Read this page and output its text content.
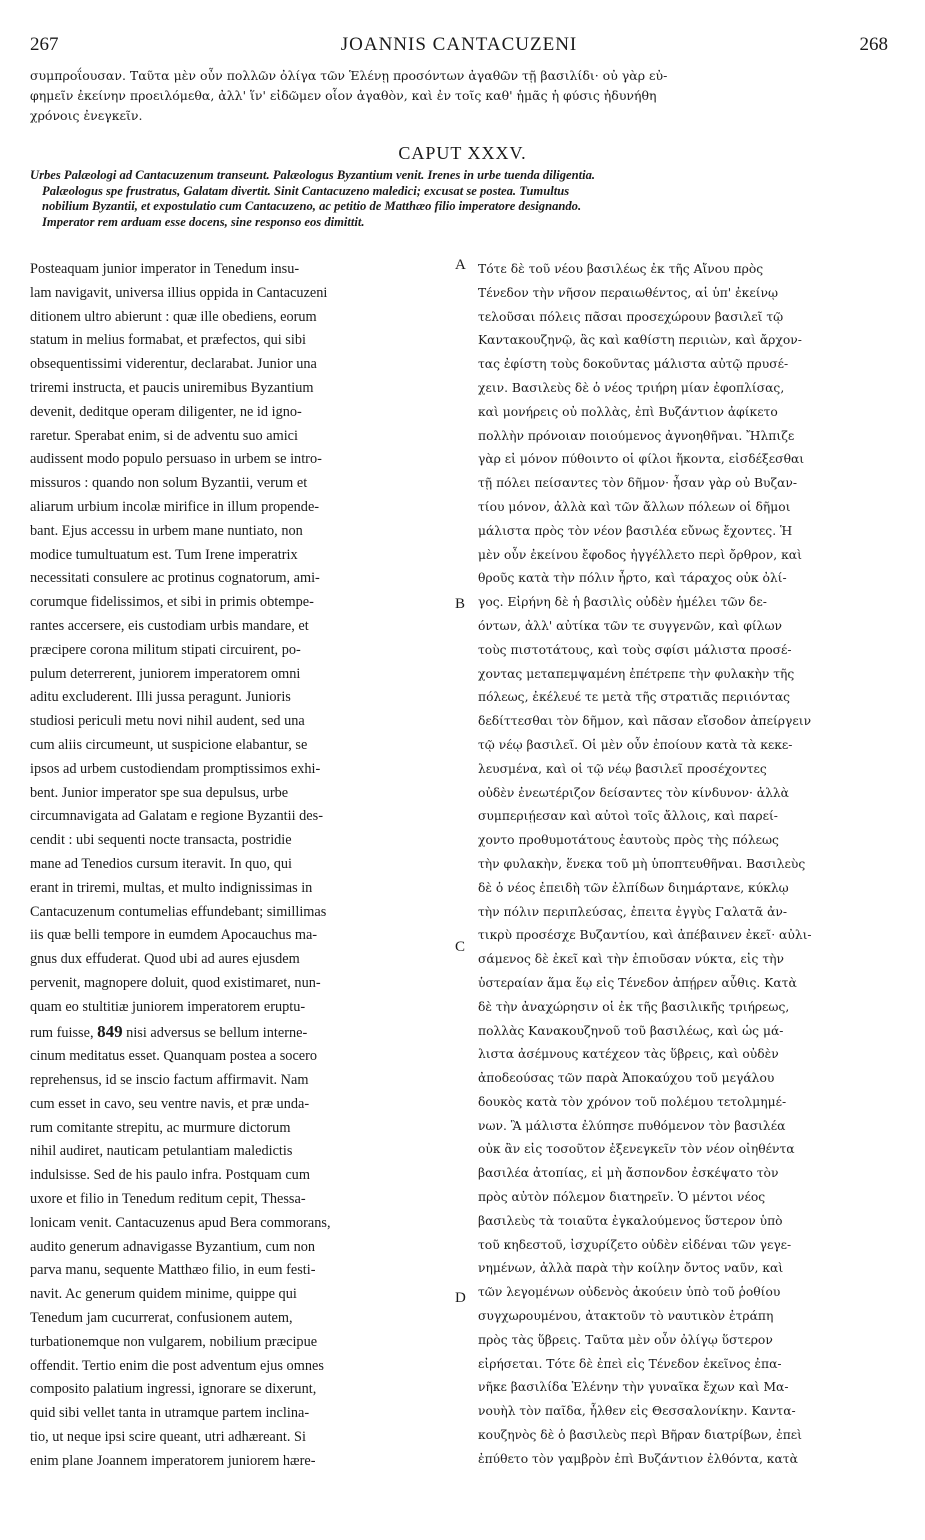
267	JOANNIS CANTACUZENI	268
συμπροΐουσαν. Ταῦτα μὲν οὖν πολλῶν ὀλίγα τῶν Ἑλένῃ προσόντων ἀγαθῶν τῇ βασιλίδι· οὐ γὰρ εὐ-
φημεῖν ἐκείνην προειλόμεθα, ἀλλ' ἵν' εἰδῶμεν οἷον ἀγαθὸν, καὶ ἐν τοῖς καθ' ἡμᾶς ἡ φύσις ἠδυνήθη
χρόνοις ἐνεγκεῖν.
CAPUT XXXV.
Urbes Palæologi ad Cantacuzenum transeunt. Palæologus Byzantium venit. Irenes in urbe tuenda diligentia.
Palæologus spe frustratus, Galatam divertit. Sinit Cantacuzeno maledici; excusat se postea. Tumultus
nobilium Byzantii, et expostulatio cum Cantacuzeno, ac petitio de Matthæo filio imperatore designando.
Imperator rem arduam esse docens, sine responso eos dimittit.
Posteaquam junior imperator in Tenedum insu-
lam navigavit, universa illius oppida in Cantacuzeni
ditionem ultro abierunt : quæ ille obediens, eorum
statum in melius formabat, et præfectos, qui sibi
obsequentissimi viderentur, declarabat. Junior una
triremi instructa, et paucis uniremibus Byzantium
devenit, deditque operam diligenter, ne id igno-
raretur. Sperabat enim, si de adventu suo amici
audissent modo populo persuaso in urbem se intro-
missuros : quando non solum Byzantii, verum et
aliarum urbium incolæ mirifice in illum propende-
bant. Ejus accessu in urbem mane nuntiato, non
modice tumultuatum est. Tum Irene imperatrix
necessitati consulere ac protinus cognatorum, ami-
corumque fidelissimos, et sibi in primis obtempe-
rantes accersere, eis custodiam urbis mandare, et
præcipere corona militum stipati circuirent, po-
pulum deterrerent, juniorem imperatorem omni
aditu excluderent. Illi jussa peragunt. Junioris
studiosi periculi metu novi nihil audent, sed una
cum aliis circumeunt, ut suspicione elabantur, se
ipsos ad urbem custodiendam promptissimos exhi-
bent. Junior imperator spe sua depulsus, urbe
circumnavigata ad Galatam e regione Byzantii des-
cendit : ubi sequenti nocte transacta, postridie
mane ad Tenedios cursum iteravit. In quo, qui
erant in triremi, multas, et multo indignissimas in
Cantacuzenum contumelias effundebant; simillimas
iis quæ belli tempore in eumdem Apocauchus ma-
gnus dux effuderat. Quod ubi ad aures ejusdem
pervenit, magnopere doluit, quod existimaret, nun-
quam eo stultitiæ juniorem imperatorem eruptu-
rum fuisse, 849 nisi adversus se bellum interne-
cinum meditatus esset. Quanquam postea a socero
reprehensus, id se inscio factum affirmavit. Nam
cum esset in cavo, seu ventre navis, et præ unda-
rum comitante strepitu, ac murmure dictorum
nihil audiret, nauticam petulantiam maledictis
indulsisse. Sed de his paulo infra. Postquam cum
uxore et filio in Tenedum reditum cepit, Thessa-
lonicam venit. Cantacuzenus apud Bera commorans,
audito generum adnavigasse Byzantium, cum non
parva manu, sequente Matthæo filio, in eum festi-
navit. Ac generum quidem minime, quippe qui
Tenedum jam cucurrerat, confusionem autem,
turbationemque non vulgarem, nobilium præcipue
offendit. Tertio enim die post adventum ejus omnes
composito palatium ingressi, ignorare se dixerunt,
quid sibi vellet tanta in utramque partem inclina-
tio, ut neque ipsi scire queant, utri adhæreant. Si
enim plane Joannem imperatorem juniorem hære-
Τότε δὲ τοῦ νέου βασιλέως ἐκ τῆς Αἴνου πρὸς
Τένεδον τὴν νῆσον περαιωθέντος, αἱ ὑπ' ἐκείνῳ
τελοῦσαι πόλεις πᾶσαι προσεχώρουν βασιλεῖ τῷ
Καντακουζηνῷ, ἃς καὶ καθίστη περιιὼν, καὶ ἄρχον-
τας ἐφίστη τοὺς δοκοῦντας μάλιστα αὐτῷ πρυσέ-
χειν. Βασιλεὺς δὲ ὁ νέος τριήρη μίαν ἐφοπλίσας,
καὶ μονήρεις οὐ πολλὰς, ἐπὶ Βυζάντιον ἀφίκετο
πολλὴν πρόνοιαν ποιούμενος ἀγνοηθῆναι. Ἤλπιζε
γὰρ εἰ μόνον πύθοιντο οἱ φίλοι ἥκοντα, εἰσδέξεσθαι
τῇ πόλει πείσαντες τὸν δῆμον· ἦσαν γὰρ οὐ Βυζαν-
τίου μόνον, ἀλλὰ καὶ τῶν ἄλλων πόλεων οἱ δῆμοι
μάλιστα πρὸς τὸν νέον βασιλέα εὔνως ἔχοντες. Ἡ
μὲν οὖν ἐκείνου ἔφοδος ἠγγέλλετο περὶ ὄρθρον, καὶ
θροῦς κατὰ τὴν πόλιν ἦρτο, καὶ τάραχος οὐκ ὀλί-
γος. Εἰρήνη δὲ ἡ βασιλὶς οὐδὲν ἡμέλει τῶν δε-
όντων, ἀλλ' αὐτίκα τῶν τε συγγενῶν, καὶ φίλων
τοὺς πιστοτάτους, καὶ τοὺς σφίσι μάλιστα προσέ-
χοντας μεταπεμψαμένη ἐπέτρεπε τὴν φυλακὴν τῆς
πόλεως, ἐκέλευέ τε μετὰ τῆς στρατιᾶς περιιόντας
δεδίττεσθαι τὸν δῆμον, καὶ πᾶσαν εἴσοδον ἀπείργειν
τῷ νέῳ βασιλεῖ. Οἱ μὲν οὖν ἐποίουν κατὰ τὰ κεκε-
λευσμένα, καὶ οἱ τῷ νέῳ βασιλεῖ προσέχοντες
οὐδὲν ἐνεωτέριζον δείσαντες τὸν κίνδυνον· ἀλλὰ
συμπεριῄεσαν καὶ αὐτοὶ τοῖς ἄλλοις, καὶ παρεί-
χοντο προθυμοτάτους ἑαυτοὺς πρὸς τὴς πόλεως
τὴν φυλακὴν, ἕνεκα τοῦ μὴ ὑποπτευθῆναι. Βασιλεὺς
δὲ ὁ νέος ἐπειδὴ τῶν ἐλπίδων διημάρτανε, κύκλῳ
τὴν πόλιν περιπλεύσας, ἐπειτα ἐγγὺς Γαλατᾶ ἀν-
τικρὺ προσέσχε Βυζαντίου, καὶ ἀπέβαινεν ἐκεῖ· αὐλι-
σάμενος δὲ ἐκεῖ καὶ τὴν ἐπιοῦσαν νύκτα, εἰς τὴν
ὑστεραίαν ἅμα ἕῳ εἰς Τένεδον ἀπῄρεν αὖθις. Κατὰ
δὲ τὴν ἀναχώρησιν οἱ ἐκ τῆς βασιλικῆς τριήρεως,
πολλὰς Κανακουζηνοῦ τοῦ βασιλέως, καὶ ὡς μά-
λιστα ἀσέμνους κατέχεον τὰς ὕβρεις, καὶ οὐδὲν
ἀποδεούσας τῶν παρὰ Ἀποκαύχου τοῦ μεγάλου
δουκὸς κατὰ τὸν χρόνον τοῦ πολέμου τετολμημέ-
νων. Ἃ μάλιστα ἐλύπησε πυθόμενον τὸν βασιλέα
οὐκ ἂν εἰς τοσοῦτον ἐξενεγκεῖν τὸν νέον οἰηθέντα
βασιλέα ἀτοπίας, εἰ μὴ ἄσπονδον ἐσκέψατο τὸν
πρὸς αὐτὸν πόλεμον διατηρεῖν. Ὁ μέντοι νέος
βασιλεὺς τὰ τοιαῦτα ἐγκαλούμενος ὕστερον ὑπὸ
τοῦ κηδεστοῦ, ἰσχυρίζετο οὐδὲν εἰδέναι τῶν γεγε-
νημένων, ἀλλὰ παρὰ τὴν κοίλην ὄντος ναῦν, καὶ
τῶν λεγομένων οὐδενὸς ἀκούειν ὑπὸ τοῦ ῥοθίου
συγχωρουμένου, ἀτακτοῦν τὸ ναυτικὸν ἐτράπη
πρὸς τὰς ὕβρεις. Ταῦτα μὲν οὖν ὀλίγῳ ὕστερον
εἰρήσεται. Τότε δὲ ἐπεὶ εἰς Τένεδον ἐκεῖνος ἐπα-
νῆκε βασιλίδα Ἑλένην τὴν γυναῖκα ἔχων καὶ Μα-
νουὴλ τὸν παῖδα, ἧλθεν εἰς Θεσσαλονίκην. Καντα-
κουζηνὸς δὲ ὁ βασιλεὺς περὶ Βῆραν διατρίβων, ἐπεὶ
ἐπύθετο τὸν γαμβρὸν ἐπὶ Βυζάντιον ἐλθόντα, κατὰ
A
B
C
D
